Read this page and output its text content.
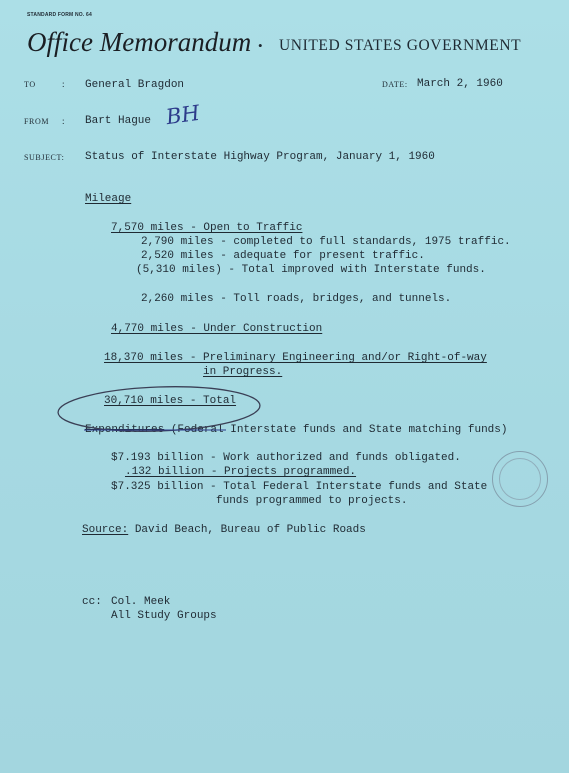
STANDARD FORM NO. 64
Office Memorandum • UNITED STATES GOVERNMENT
TO	: General Bragdon	DATE: March 2, 1960
FROM : Bart Hague BH
SUBJECT: Status of Interstate Highway Program, January 1, 1960
Mileage
7,570 miles - Open to Traffic
2,790 miles - completed to full standards, 1975 traffic.
2,520 miles - adequate for present traffic.
(5,310 miles) - Total improved with Interstate funds.
2,260 miles - Toll roads, bridges, and tunnels.
4,770 miles - Under Construction
18,370 miles - Preliminary Engineering and/or Right-of-way
in Progress.
30,710 miles - Total
Expenditures (Federal Interstate funds and State matching funds)
$7.193 billion - Work authorized and funds obligated.
.132 billion - Projects programmed.
$7.325 billion - Total Federal Interstate funds and State
funds programmed to projects.
Source: David Beach, Bureau of Public Roads
cc: Col. Meek
All Study Groups
